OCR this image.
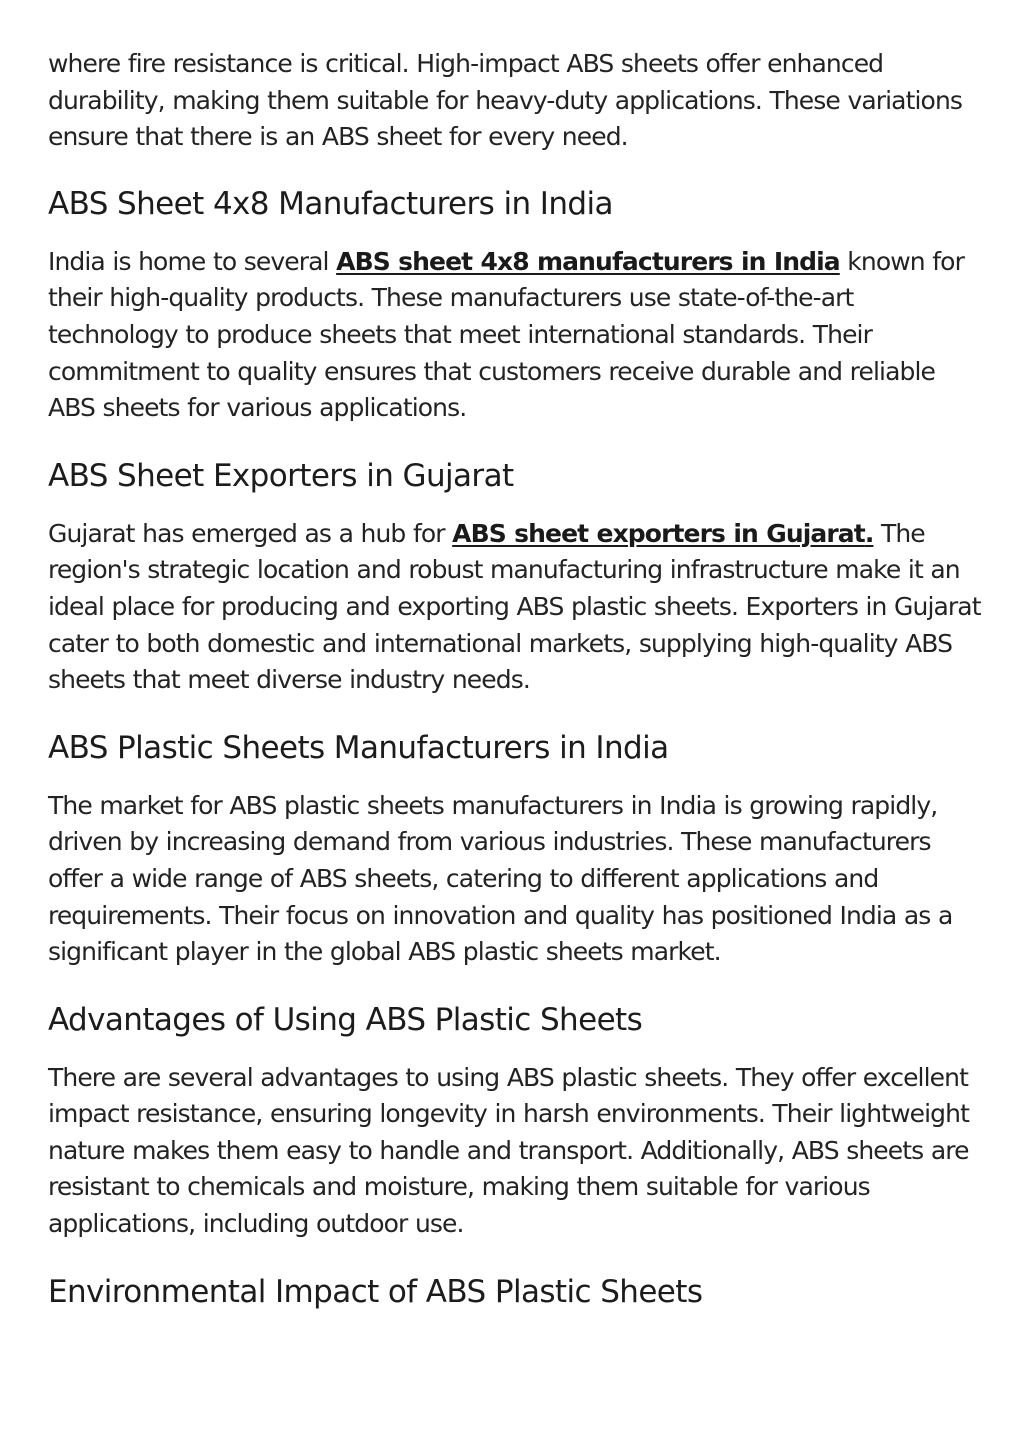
where fire resistance is critical. High-impact ABS sheets offer enhanced durability, making them suitable for heavy-duty applications. These variations ensure that there is an ABS sheet for every need.

ABS Sheet 4x8 Manufacturers in India

India is home to several ABS sheet 4x8 manufacturers in India known for their high-quality products. These manufacturers use state-of-the-art technology to produce sheets that meet international standards. Their commitment to quality ensures that customers receive durable and reliable ABS sheets for various applications.

ABS Sheet Exporters in Gujarat

Gujarat has emerged as a hub for ABS sheet exporters in Gujarat. The region's strategic location and robust manufacturing infrastructure make it an ideal place for producing and exporting ABS plastic sheets. Exporters in Gujarat cater to both domestic and international markets, supplying high-quality ABS sheets that meet diverse industry needs.

ABS Plastic Sheets Manufacturers in India

The market for ABS plastic sheets manufacturers in India is growing rapidly, driven by increasing demand from various industries. These manufacturers offer a wide range of ABS sheets, catering to different applications and requirements. Their focus on innovation and quality has positioned India as a significant player in the global ABS plastic sheets market.

Advantages of Using ABS Plastic Sheets

There are several advantages to using ABS plastic sheets. They offer excellent impact resistance, ensuring longevity in harsh environments. Their lightweight nature makes them easy to handle and transport. Additionally, ABS sheets are resistant to chemicals and moisture, making them suitable for various applications, including outdoor use.

Environmental Impact of ABS Plastic Sheets
